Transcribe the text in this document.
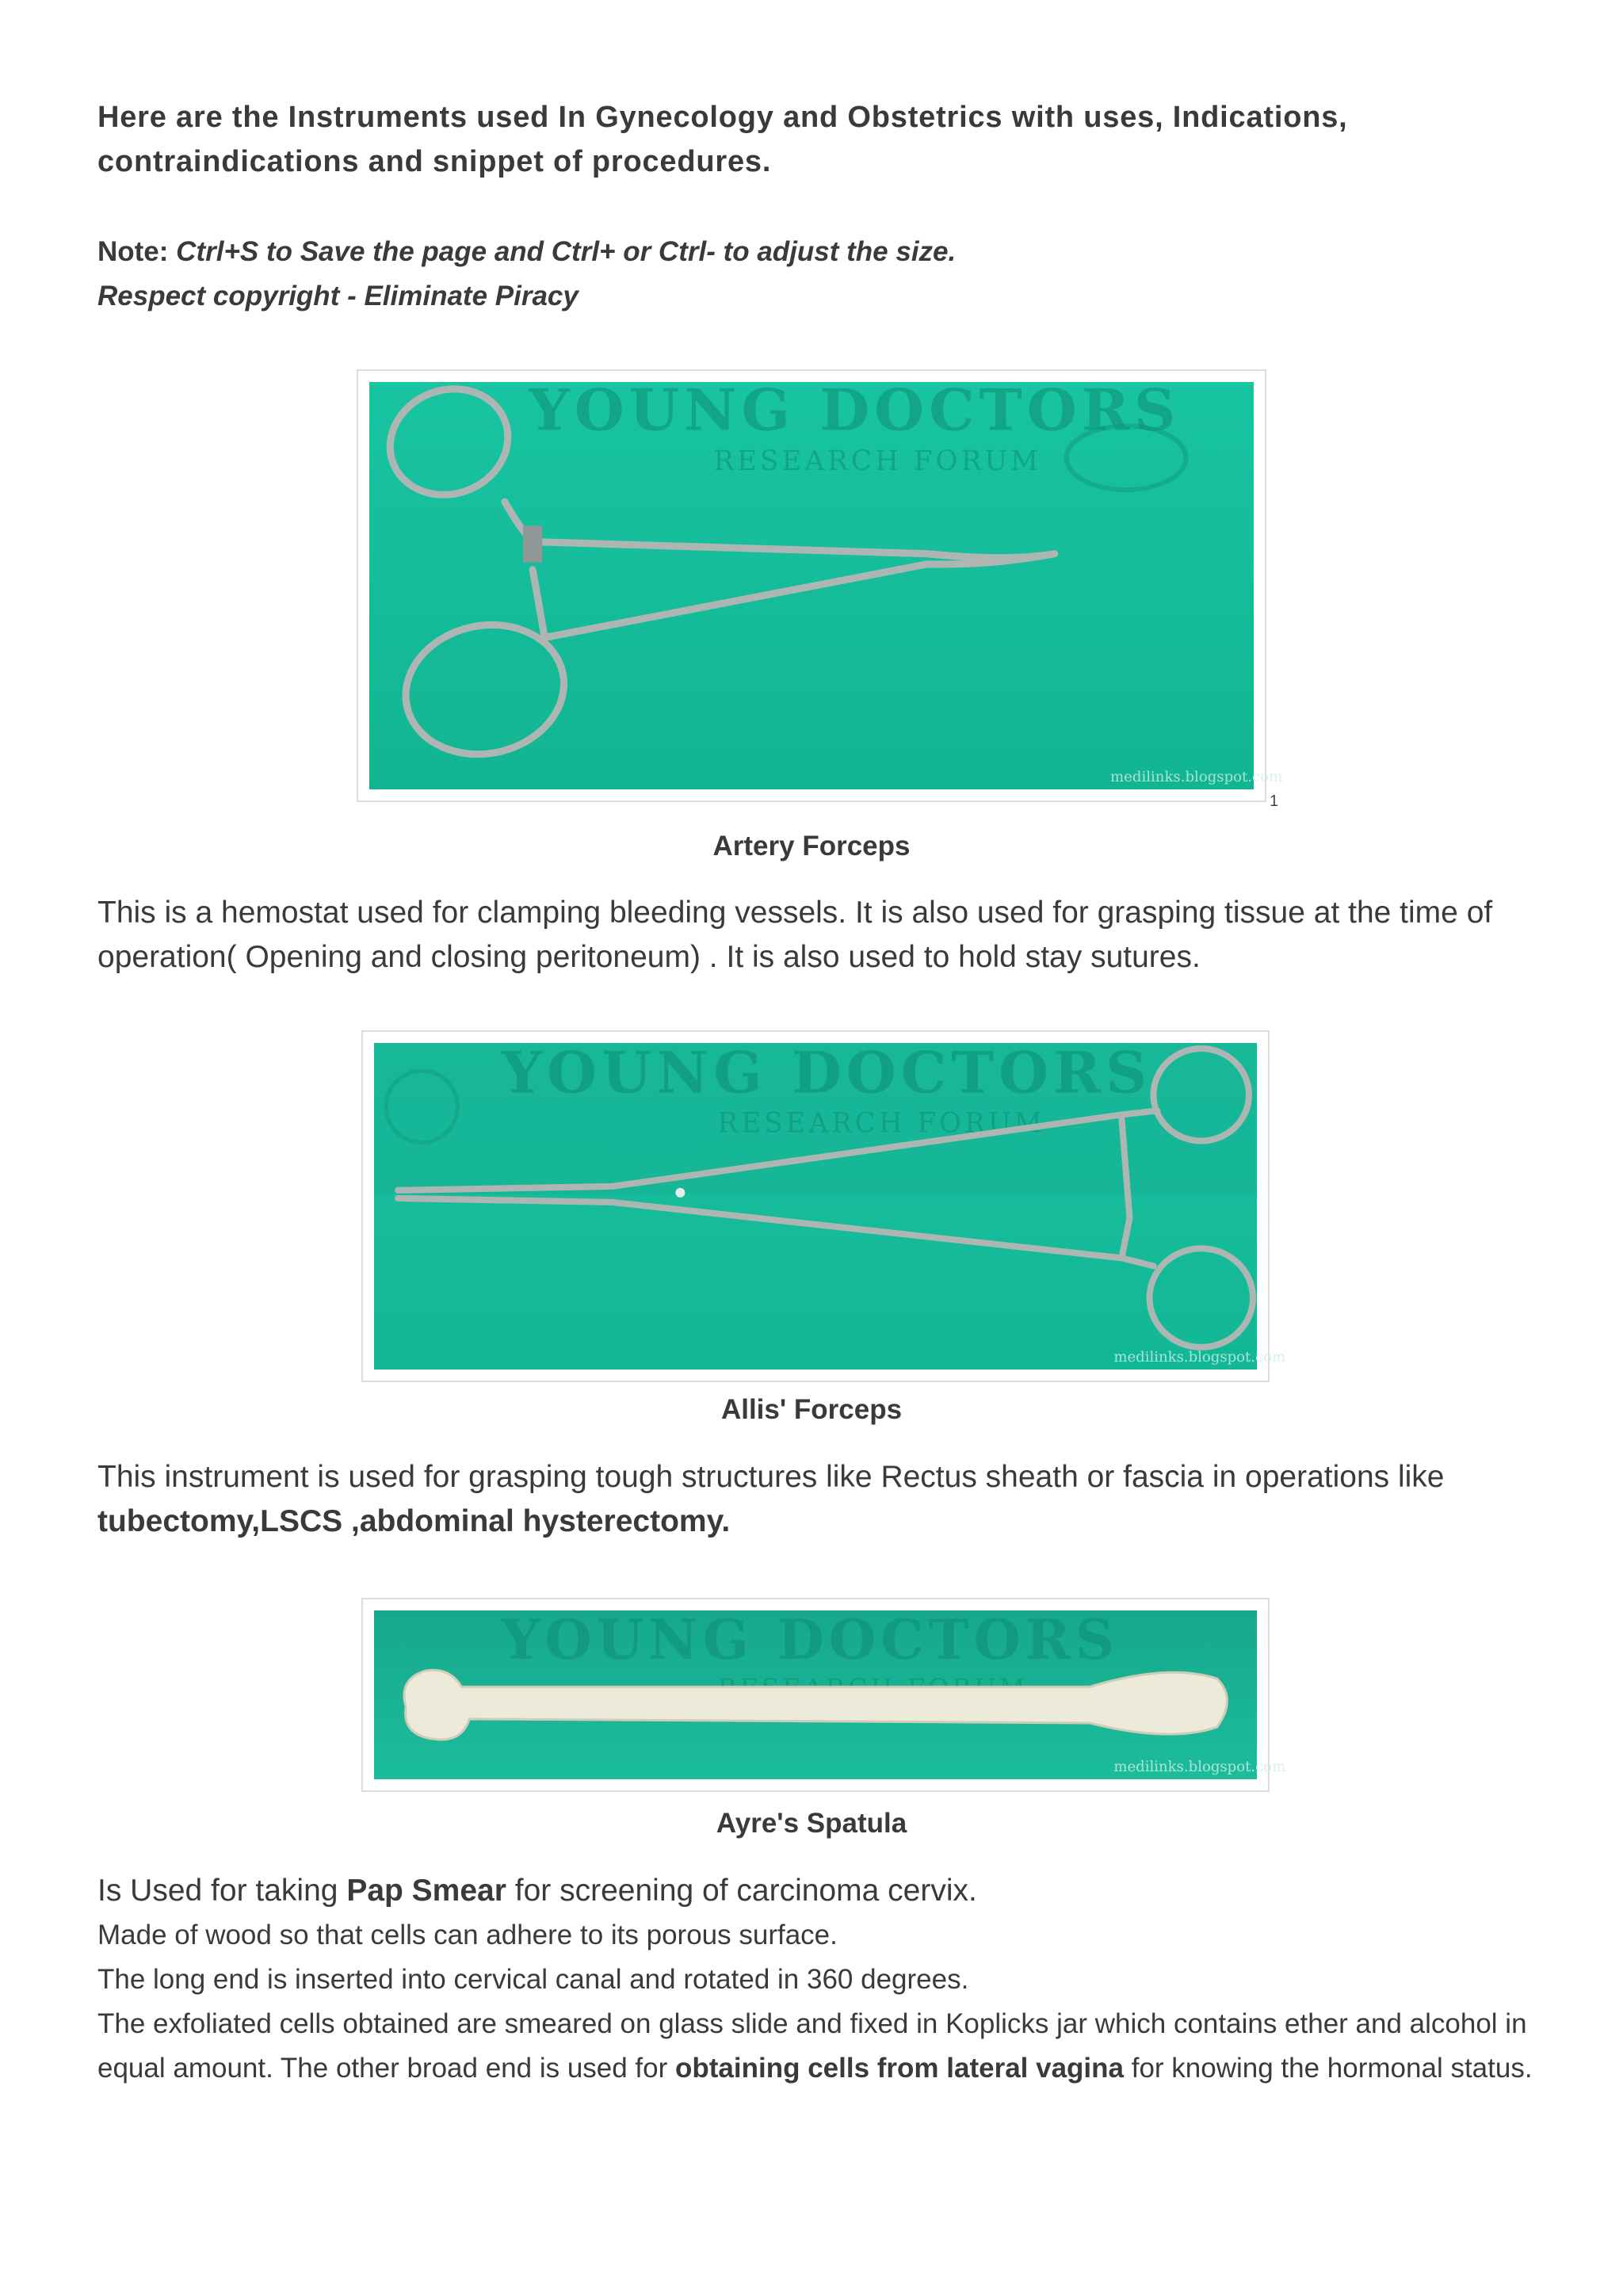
Here are the Instruments used In Gynecology and Obstetrics with uses, Indications, contraindications and snippet of procedures.

Note: Ctrl+S to Save the page and Ctrl+ or Ctrl- to adjust the size.
Respect copyright - Eliminate Piracy
YOUNG DOCTORS
RESEARCH FORUM
medilinks.blogspot.com
1
Artery Forceps

This is a hemostat used for clamping bleeding vessels. It is also used for grasping tissue at the time of operation( Opening and closing peritoneum) . It is also used to hold stay sutures.

YOUNG DOCTORS
RESEARCH FORUM
medilinks.blogspot.com
Allis' Forceps

This instrument is used for grasping tough structures like Rectus sheath or fascia in operations like tubectomy,LSCS ,abdominal hysterectomy.

YOUNG DOCTORS
medilinks.blogspot.com
Ayre's Spatula

Is Used for taking Pap Smear for screening of carcinoma cervix.

Made of wood so that cells can adhere to its porous surface.

The long end is inserted into cervical canal and rotated in 360 degrees.

The exfoliated cells obtained are smeared on glass slide and fixed in Koplicks jar which contains ether and alcohol in equal amount. The other broad end is used for obtaining cells from lateral vagina for knowing the hormonal status.
